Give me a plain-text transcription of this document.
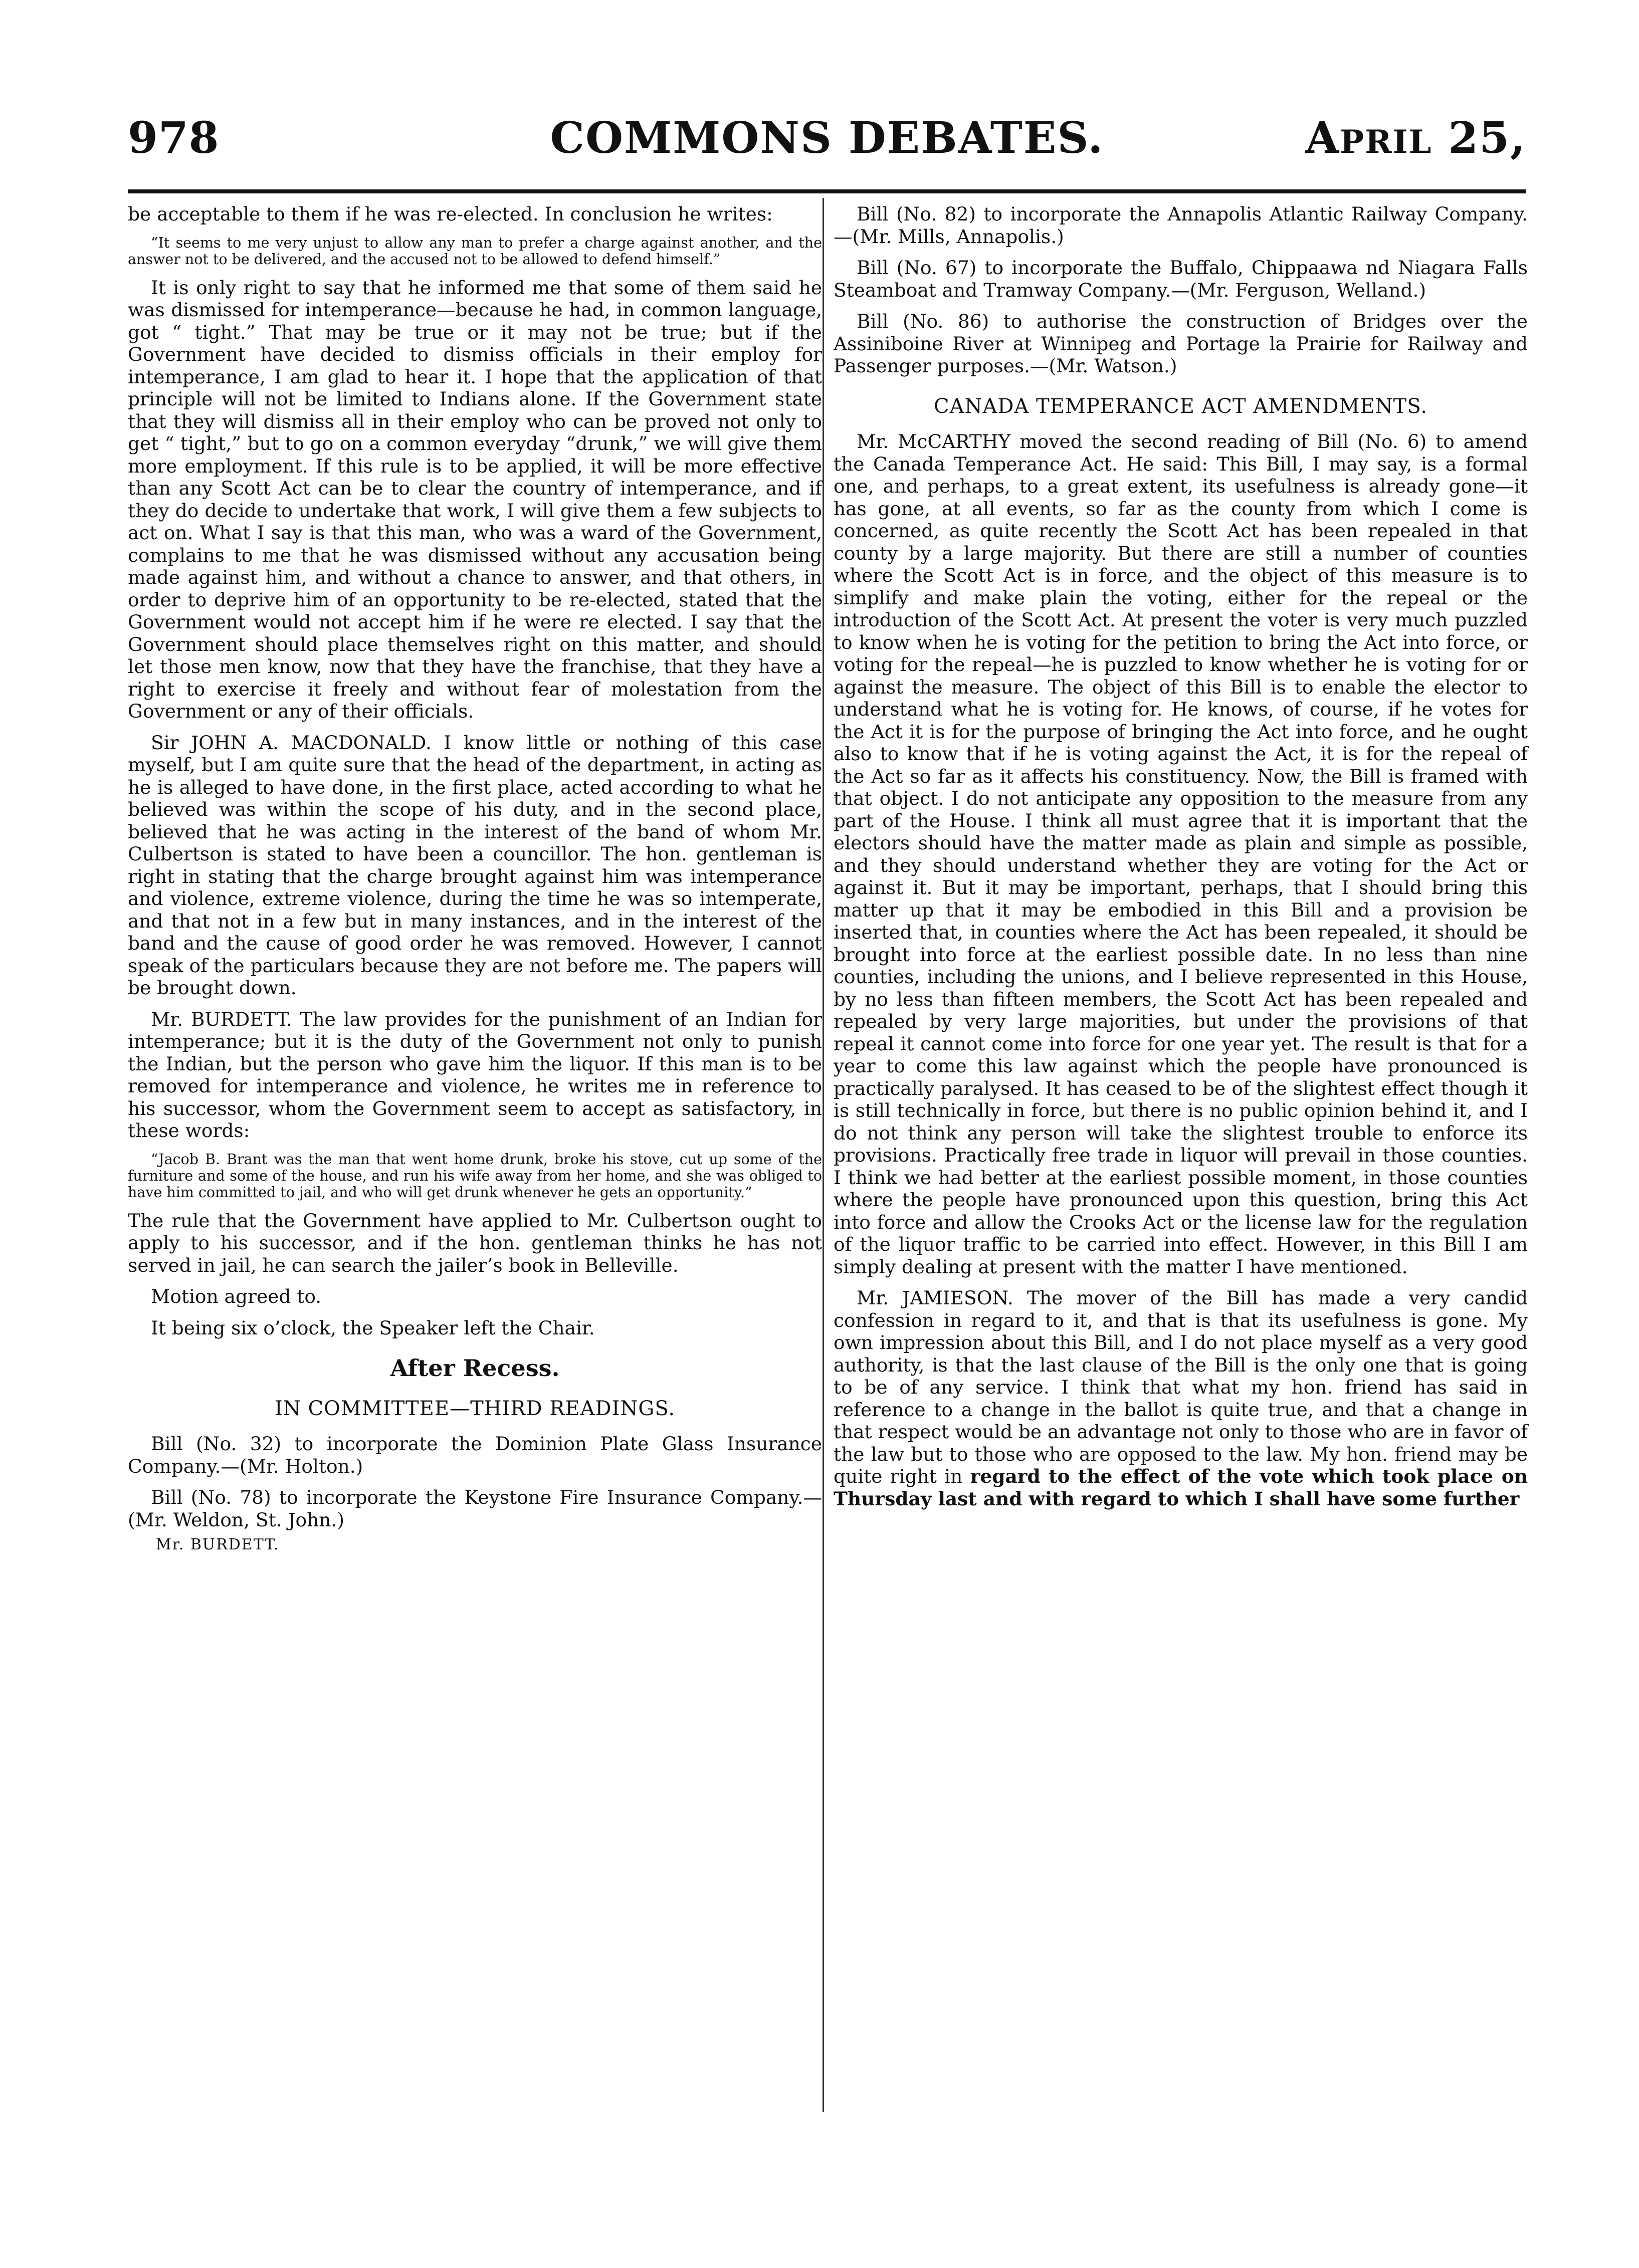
978	COMMONS DEBATES.	APRIL 25,

be acceptable to them if he was re-elected. In conclusion he writes:

“It seems to me very unjust to allow any man to prefer a charge against another, and the answer not to be delivered, and the accused not to be allowed to defend himself.”

It is only right to say that he informed me that some of them said he was dismissed for intemperance—because he had, in common language, got “ tight.” That may be true or it may not be true; but if the Government have decided to dismiss officials in their employ for intemperance, I am glad to hear it. I hope that the application of that principle will not be limited to Indians alone. If the Government state that they will dismiss all in their employ who can be proved not only to get “ tight,” but to go on a common everyday “drunk,” we will give them more employment. If this rule is to be applied, it will be more effective than any Scott Act can be to clear the country of intemperance, and if they do decide to undertake that work, I will give them a few subjects to act on. What I say is that this man, who was a ward of the Government, complains to me that he was dismissed without any accusation being made against him, and without a chance to answer, and that others, in order to deprive him of an opportunity to be re-elected, stated that the Government would not accept him if he were re elected. I say that the Government should place themselves right on this matter, and should let those men know, now that they have the franchise, that they have a right to exercise it freely and without fear of molestation from the Government or any of their officials.

Sir JOHN A. MACDONALD. I know little or nothing of this case myself, but I am quite sure that the head of the department, in acting as he is alleged to have done, in the first place, acted according to what he believed was within the scope of his duty, and in the second place, believed that he was acting in the interest of the band of whom Mr. Culbertson is stated to have been a councillor. The hon. gentleman is right in stating that the charge brought against him was intemperance and violence, extreme violence, during the time he was so intemperate, and that not in a few but in many instances, and in the interest of the band and the cause of good order he was removed. However, I cannot speak of the particulars because they are not before me. The papers will be brought down.

Mr. BURDETT. The law provides for the punishment of an Indian for intemperance; but it is the duty of the Government not only to punish the Indian, but the person who gave him the liquor. If this man is to be removed for intemperance and violence, he writes me in reference to his successor, whom the Government seem to accept as satisfactory, in these words:

“Jacob B. Brant was the man that went home drunk, broke his stove, cut up some of the furniture and some of the house, and run his wife away from her home, and she was obliged to have him committed to jail, and who will get drunk whenever he gets an opportunity.”

The rule that the Government have applied to Mr. Culbertson ought to apply to his successor, and if the hon. gentleman thinks he has not served in jail, he can search the jailer’s book in Belleville.

Motion agreed to.

It being six o’clock, the Speaker left the Chair.

After Recess.

IN COMMITTEE—THIRD READINGS.

Bill (No. 32) to incorporate the Dominion Plate Glass Insurance Company.—(Mr. Holton.)

Bill (No. 78) to incorporate the Keystone Fire Insurance Company.—(Mr. Weldon, St. John.)

Mr. BURDETT.

Bill (No. 82) to incorporate the Annapolis Atlantic Railway Company.—(Mr. Mills, Annapolis.)

Bill (No. 67) to incorporate the Buffalo, Chippaawa nd Niagara Falls Steamboat and Tramway Company.—(Mr. Ferguson, Welland.)

Bill (No. 86) to authorise the construction of Bridges over the Assiniboine River at Winnipeg and Portage la Prairie for Railway and Passenger purposes.—(Mr. Watson.)

CANADA TEMPERANCE ACT AMENDMENTS.

Mr. McCARTHY moved the second reading of Bill (No. 6) to amend the Canada Temperance Act. He said: This Bill, I may say, is a formal one, and perhaps, to a great extent, its usefulness is already gone—it has gone, at all events, so far as the county from which I come is concerned, as quite recently the Scott Act has been repealed in that county by a large majority. But there are still a number of counties where the Scott Act is in force, and the object of this measure is to simplify and make plain the voting, either for the repeal or the introduction of the Scott Act. At present the voter is very much puzzled to know when he is voting for the petition to bring the Act into force, or voting for the repeal—he is puzzled to know whether he is voting for or against the measure. The object of this Bill is to enable the elector to understand what he is voting for. He knows, of course, if he votes for the Act it is for the purpose of bringing the Act into force, and he ought also to know that if he is voting against the Act, it is for the repeal of the Act so far as it affects his constituency. Now, the Bill is framed with that object. I do not anticipate any opposition to the measure from any part of the House. I think all must agree that it is important that the electors should have the matter made as plain and simple as possible, and they should understand whether they are voting for the Act or against it. But it may be important, perhaps, that I should bring this matter up that it may be embodied in this Bill and a provision be inserted that, in counties where the Act has been repealed, it should be brought into force at the earliest possible date. In no less than nine counties, including the unions, and I believe represented in this House, by no less than fifteen members, the Scott Act has been repealed and repealed by very large majorities, but under the provisions of that repeal it cannot come into force for one year yet. The result is that for a year to come this law against which the people have pronounced is practically paralysed. It has ceased to be of the slightest effect though it is still technically in force, but there is no public opinion behind it, and I do not think any person will take the slightest trouble to enforce its provisions. Practically free trade in liquor will prevail in those counties. I think we had better at the earliest possible moment, in those counties where the people have pronounced upon this question, bring this Act into force and allow the Crooks Act or the license law for the regulation of the liquor traffic to be carried into effect. However, in this Bill I am simply dealing at present with the matter I have mentioned.

Mr. JAMIESON. The mover of the Bill has made a very candid confession in regard to it, and that is that its usefulness is gone. My own impression about this Bill, and I do not place myself as a very good authority, is that the last clause of the Bill is the only one that is going to be of any service. I think that what my hon. friend has said in reference to a change in the ballot is quite true, and that a change in that respect would be an advantage not only to those who are in favor of the law but to those who are opposed to the law. My hon. friend may be quite right in regard to the effect of the vote which took place on Thursday last and with regard to which I shall have some further
